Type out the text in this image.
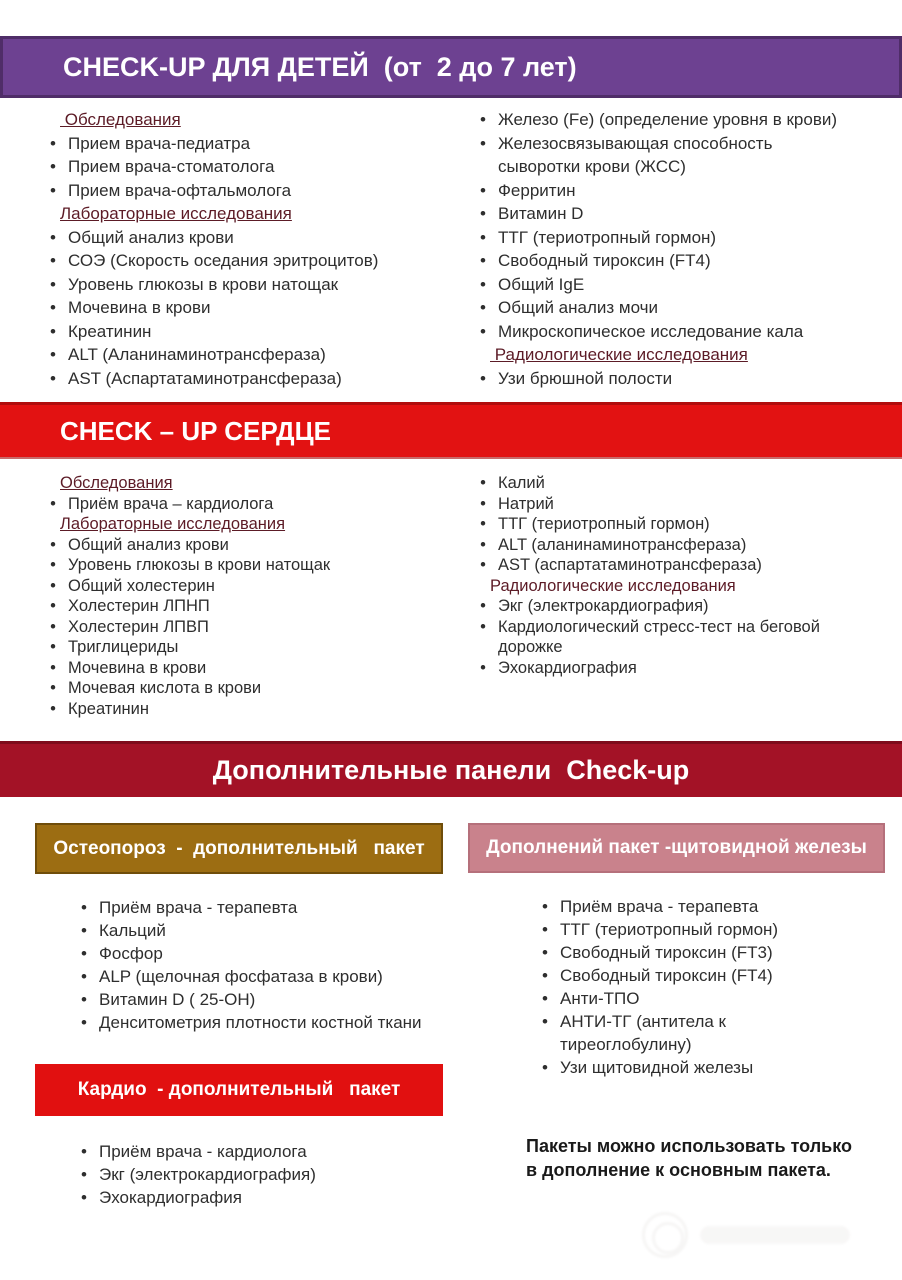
CHECK-UP ДЛЯ ДЕТЕЙ  (от  2 до 7 лет)
Обследования
• Прием врача-педиатра
• Прием врача-стоматолога
• Прием врача-офтальмолога
Лабораторные исследования
• Общий анализ крови
• СОЭ (Скорость оседания эритроцитов)
• Уровень глюкозы в крови натощак
• Мочевина в крови
• Креатинин
• ALT (Аланинаминотрансфераза)
• AST (Аспартатаминотрансфераза)
• Железо (Fe) (определение уровня в крови)
• Железосвязывающая способность сыворотки крови (ЖСС)
• Ферритин
• Витамин D
• ТТГ (териотропный гормон)
• Свободный тироксин (FT4)
• Общий IgE
• Общий анализ мочи
• Микроскопическое исследование кала
Радиологические исследования
• Узи брюшной полости
CHECK – UP СЕРДЦЕ
Обследования
• Приём врача – кардиолога
Лабораторные исследования
• Общий анализ крови
• Уровень глюкозы в крови натощак
• Общий холестерин
• Холестерин ЛПНП
• Холестерин ЛПВП
• Триглицериды
• Мочевина в крови
• Мочевая кислота в крови
• Креатинин
• Калий
• Натрий
• ТТГ (териотропный гормон)
• ALT (аланинаминотрансфераза)
• AST (аспартатаминотрансфераза)
Радиологические исследования
• Экг (электрокардиография)
• Кардиологический стресс-тест на беговой дорожке
• Эхокардиография
Дополнительные панели  Check-up
Остеопороз  -  дополнительный   пакет
• Приём врача - терапевта
• Кальций
• Фосфор
• ALP (щелочная фосфатаза в крови)
• Витамин D ( 25-OH)
• Денситометрия плотности костной ткани
Кардио  - дополнительный   пакет
• Приём врача - кардиолога
• Экг (электрокардиография)
• Эхокардиография
Дополнений пакет -щитовидной железы
• Приём врача - терапевта
• ТТГ (териотропный гормон)
• Свободный тироксин (FT3)
• Свободный тироксин (FT4)
• Анти-ТПО
• АНТИ-ТГ (антитела к тиреоглобулину)
• Узи щитовидной железы
Пакеты можно использовать только
в дополнение к основным пакета.
